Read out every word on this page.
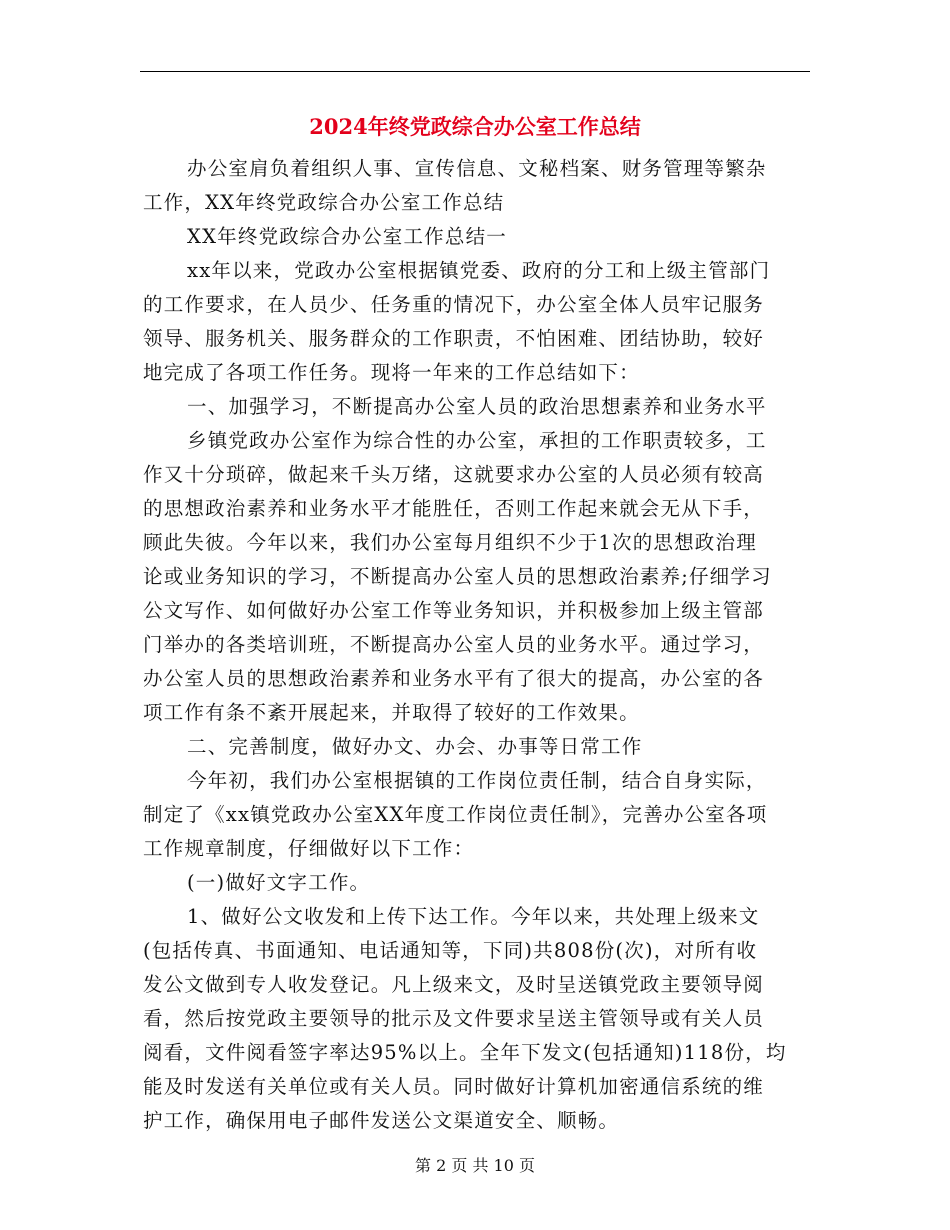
2024年终党政综合办公室工作总结

办公室肩负着组织人事、宣传信息、文秘档案、财务管理等繁杂

工作，XX年终党政综合办公室工作总结

XX年终党政综合办公室工作总结一

xx年以来，党政办公室根据镇党委、政府的分工和上级主管部门

的工作要求，在人员少、任务重的情况下，办公室全体人员牢记服务

领导、服务机关、服务群众的工作职责，不怕困难、团结协助，较好

地完成了各项工作任务。现将一年来的工作总结如下：

一、加强学习，不断提高办公室人员的政治思想素养和业务水平

乡镇党政办公室作为综合性的办公室，承担的工作职责较多，工

作又十分琐碎，做起来千头万绪，这就要求办公室的人员必须有较高

的思想政治素养和业务水平才能胜任，否则工作起来就会无从下手，

顾此失彼。今年以来，我们办公室每月组织不少于1次的思想政治理

论或业务知识的学习，不断提高办公室人员的思想政治素养;仔细学习

公文写作、如何做好办公室工作等业务知识，并积极参加上级主管部

门举办的各类培训班，不断提高办公室人员的业务水平。通过学习，

办公室人员的思想政治素养和业务水平有了很大的提高，办公室的各

项工作有条不紊开展起来，并取得了较好的工作效果。

二、完善制度，做好办文、办会、办事等日常工作

今年初，我们办公室根据镇的工作岗位责任制，结合自身实际，

制定了《xx镇党政办公室XX年度工作岗位责任制》，完善办公室各项

工作规章制度，仔细做好以下工作：

(一)做好文字工作。

1、做好公文收发和上传下达工作。今年以来，共处理上级来文

(包括传真、书面通知、电话通知等，下同)共808份(次)，对所有收

发公文做到专人收发登记。凡上级来文，及时呈送镇党政主要领导阅

看，然后按党政主要领导的批示及文件要求呈送主管领导或有关人员

阅看，文件阅看签字率达95%以上。全年下发文(包括通知)118份，均

能及时发送有关单位或有关人员。同时做好计算机加密通信系统的维

护工作，确保用电子邮件发送公文渠道安全、顺畅。

第 2 页 共 10 页
